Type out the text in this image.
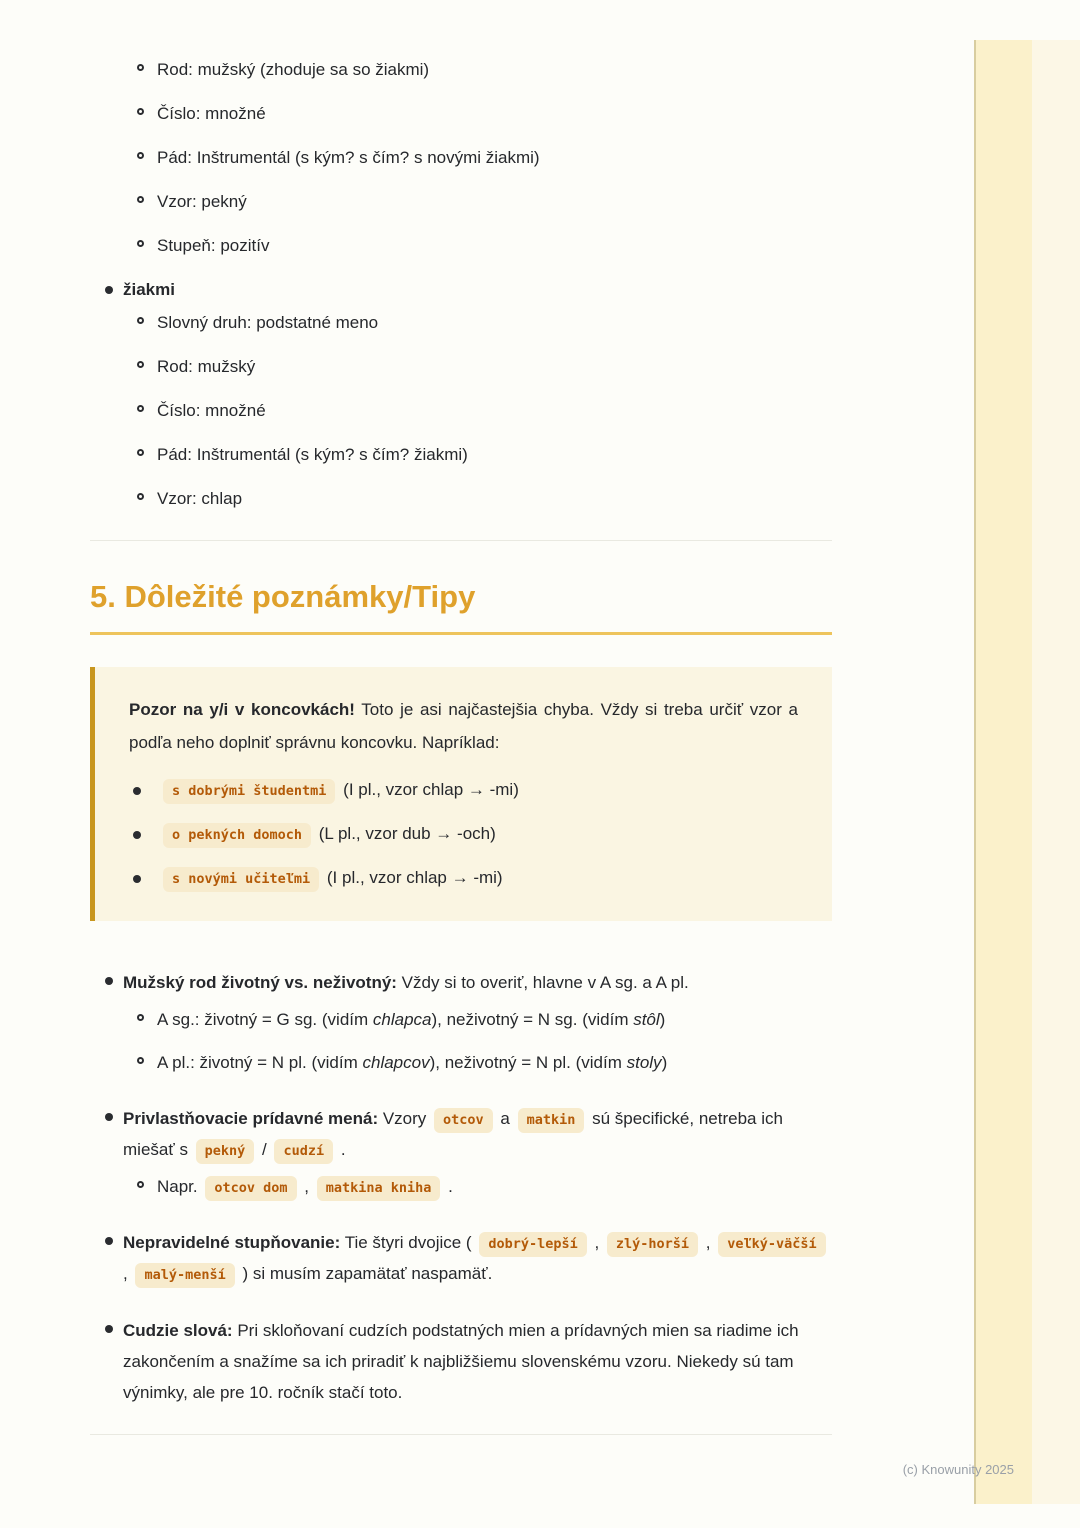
Rod: mužský (zhoduje sa so žiakmi)
Číslo: množné
Pád: Inštrumentál (s kým? s čím? s novými žiakmi)
Vzor: pekný
Stupeň: pozitív
žiakmi
Slovný druh: podstatné meno
Rod: mužský
Číslo: množné
Pád: Inštrumentál (s kým? s čím? žiakmi)
Vzor: chlap
5. Dôležité poznámky/Tipy

Pozor na y/i v koncovkách! Toto je asi najčastejšia chyba. Vždy si treba určiť vzor a podľa neho doplniť správnu koncovku. Napríklad:

s dobrými študentmi (I pl., vzor chlap → -mi)
o pekných domoch (L pl., vzor dub → -och)
s novými učiteľmi (I pl., vzor chlap → -mi)
Mužský rod životný vs. neživotný: Vždy si to overiť, hlavne v A sg. a A pl.
A sg.: životný = G sg. (vidím chlapca), neživotný = N sg. (vidím stôl)
A pl.: životný = N pl. (vidím chlapcov), neživotný = N pl. (vidím stoly)
Privlastňovacie prídavné mená: Vzory otcov a matkin sú špecifické, netreba ich miešať s pekný / cudzí .
Napr. otcov dom , matkina kniha .
Nepravidelné stupňovanie: Tie štyri dvojice ( dobrý-lepší , zlý-horší , veľký-väčší , malý-menší ) si musím zapamätať naspamäť.
Cudzie slová: Pri skloňovaní cudzích podstatných mien a prídavných mien sa riadime ich zakončením a snažíme sa ich priradiť k najbližšiemu slovenskému vzoru. Niekedy sú tam výnimky, ale pre 10. ročník stačí toto.
(c) Knowunity 2025
